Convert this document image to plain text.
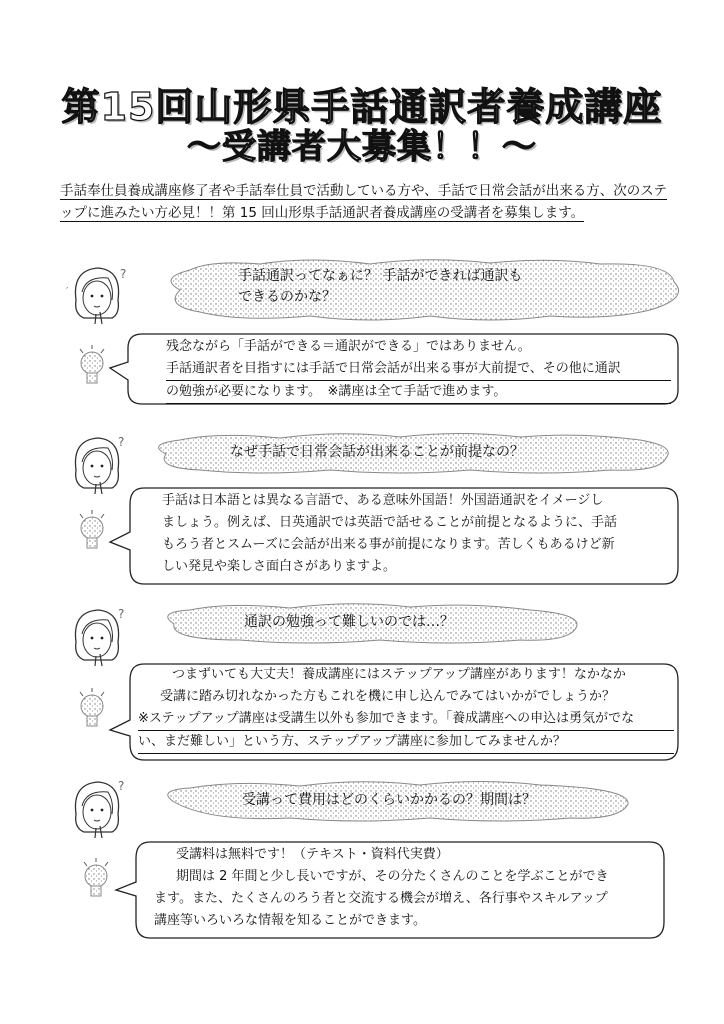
第15回山形県手話通訳者養成講座
～受講者大募集！！～
手話奉仕員養成講座修了者や手話奉仕員で活動している方や、手話で日常会話が出来る方、次のステップに進みたい方必見！！第 15 回山形県手話通訳者養成講座の受講者を募集します。
?
′
手話通訳ってなぁに？ 手話ができれば通訳も
できるのかな？
残念ながら「手話ができる＝通訳ができる」ではありません。
手話通訳者を目指すには手話で日常会話が出来る事が大前提で、その他に通訳
の勉強が必要になります。　※講座は全て手話で進めます。
?
なぜ手話で日常会話が出来ることが前提なの？
手話は日本語とは異なる言語で、ある意味外国語！外国語通訳をイメージし
ましょう。例えば、日英通訳では英語で話せることが前提となるように、手話
もろう者とスムーズに会話が出来る事が前提になります。苦しくもあるけど新
しい発見や楽しさ面白さがありますよ。
?	通訳の勉強って難しいのでは…？
つまずいても大丈夫！養成講座にはステップアップ講座があります！なかなか
受講に踏み切れなかった方もこれを機に申し込んでみてはいかがでしょうか？
※ステップアップ講座は受講生以外も参加できます。「養成講座への申込は勇気がでな
い、まだ難しい」という方、ステップアップ講座に参加してみませんか？
?
受講って費用はどのくらいかかるの？期間は？
受講料は無料です！（テキスト・資料代実費）
期間は 2 年間と少し長いですが、その分たくさんのことを学ぶことができ
ます。また、たくさんのろう者と交流する機会が増え、各行事やスキルアップ
講座等いろいろな情報を知ることができます。
